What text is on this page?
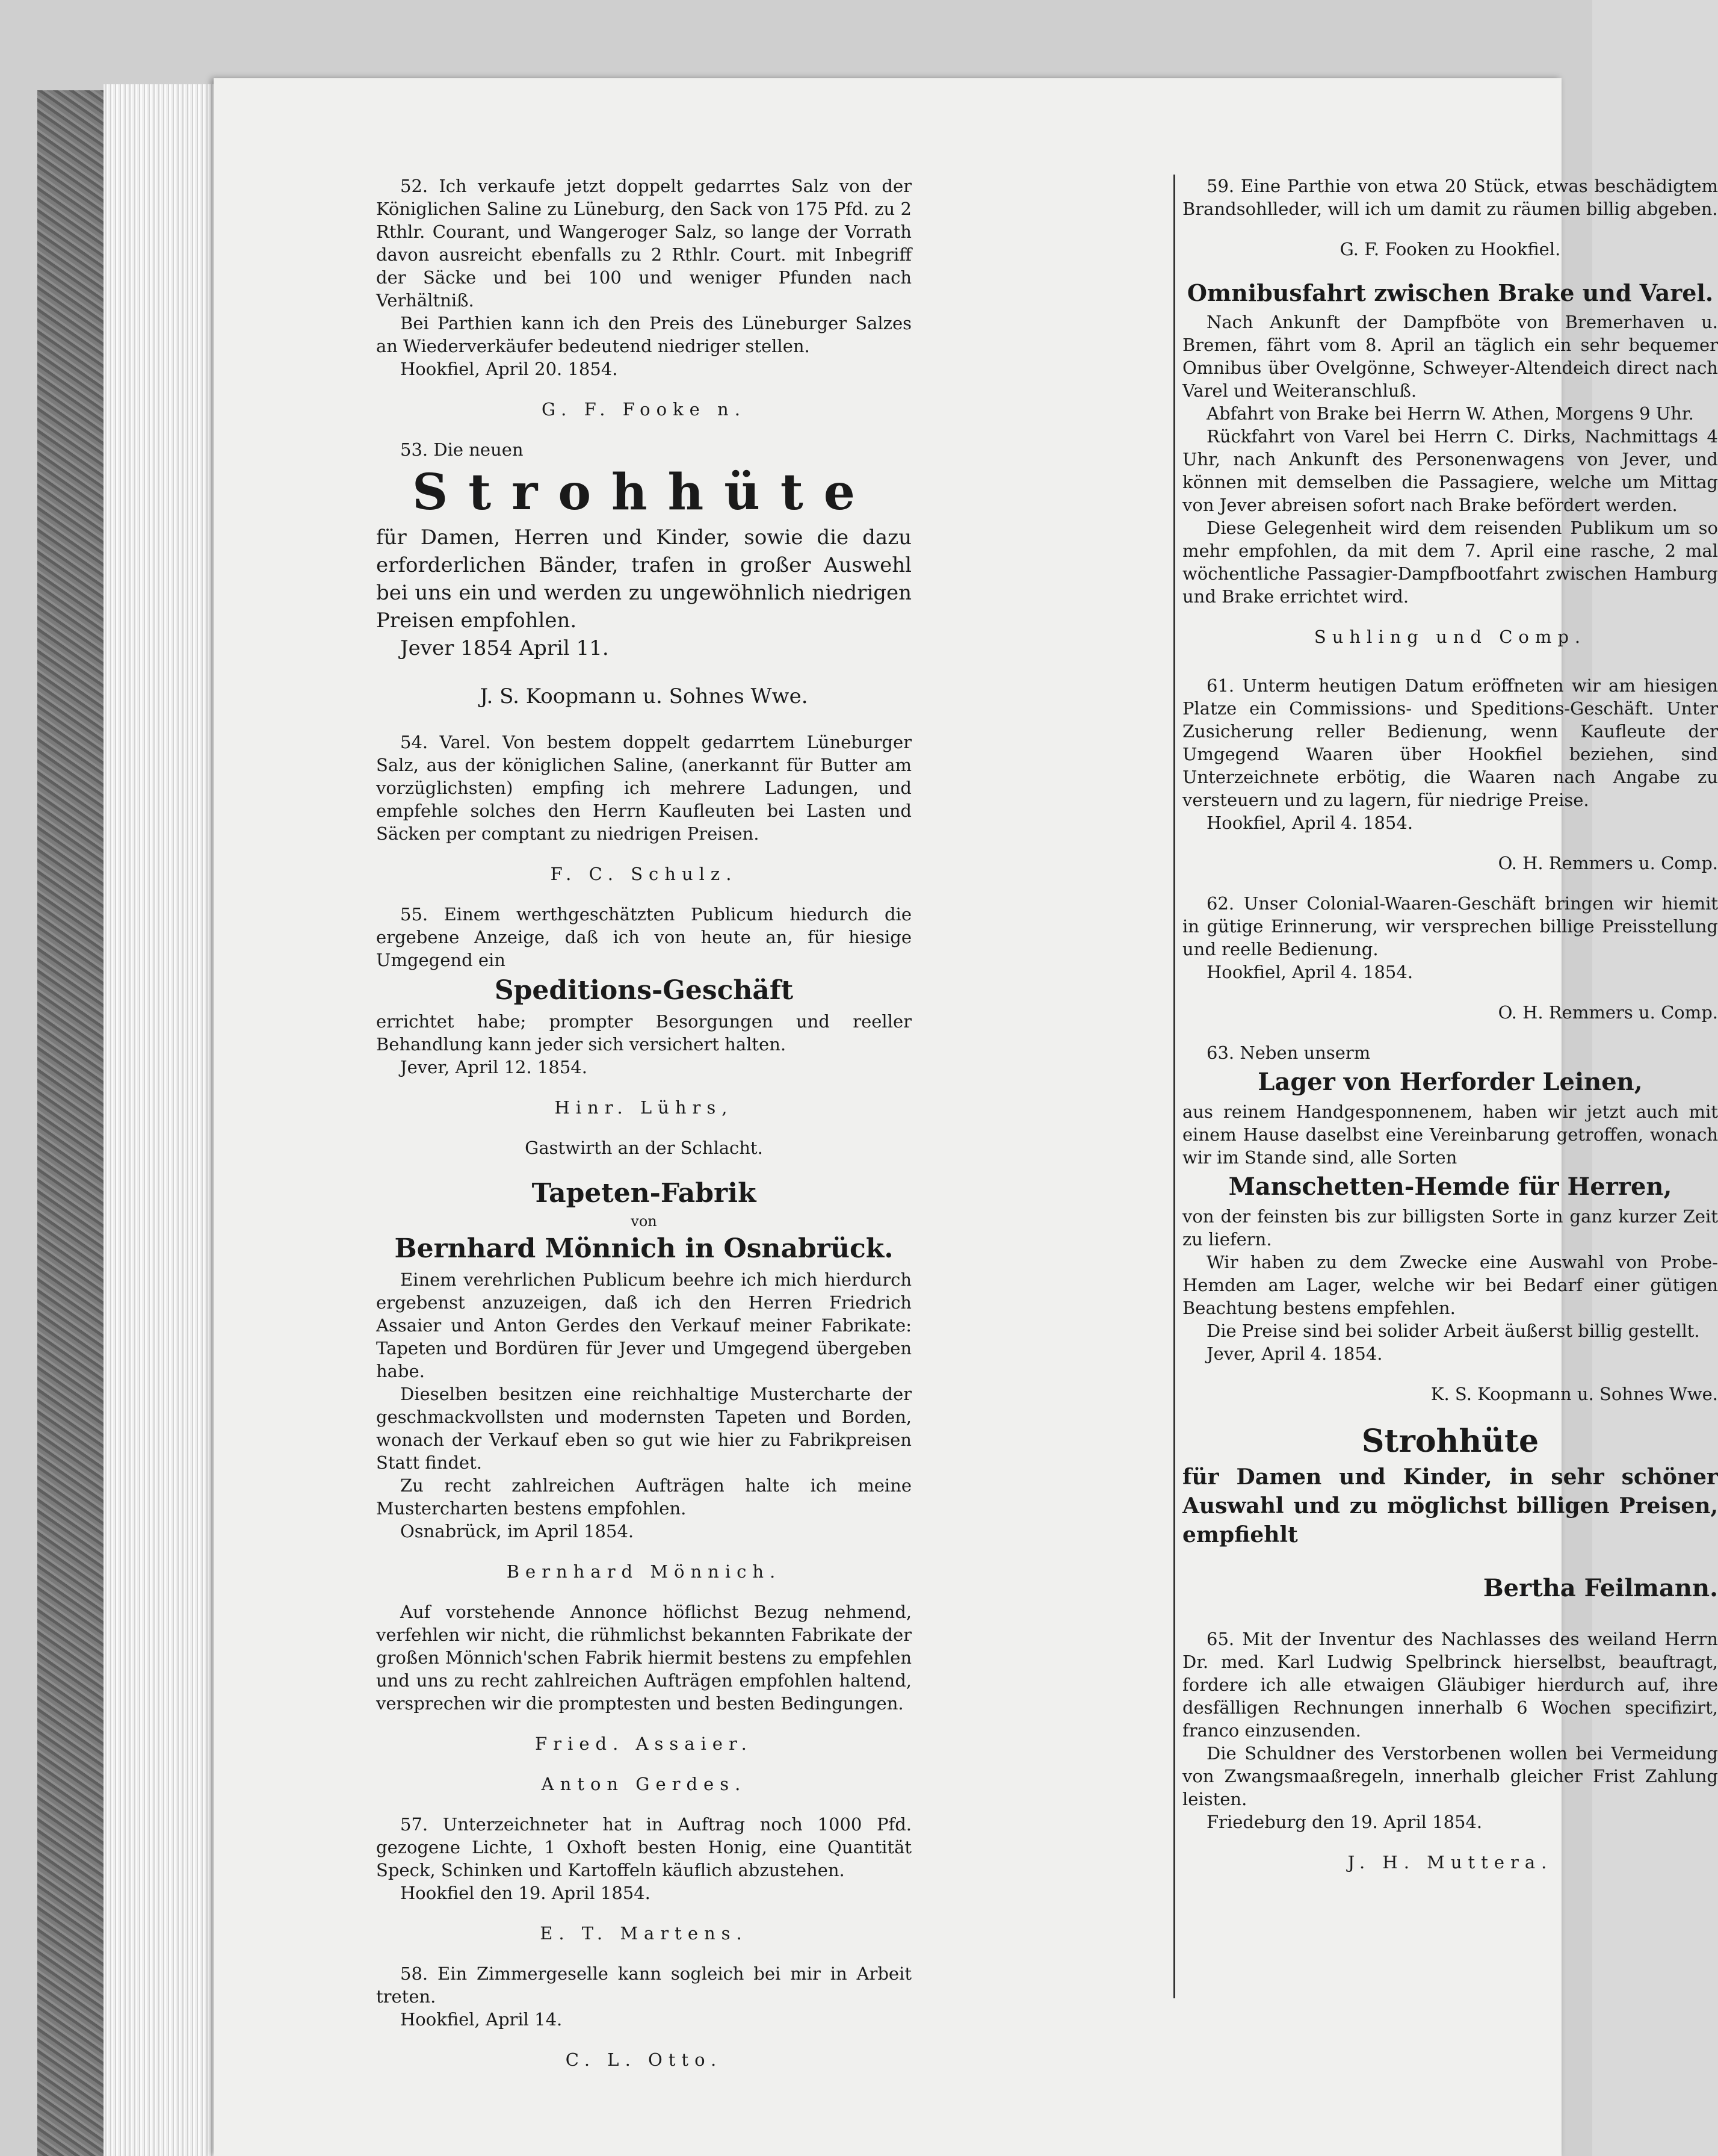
52. Ich verkaufe jetzt doppelt gedarrtes Salz von der Königlichen Saline zu Lüneburg, den Sack von 175 Pfd. zu 2 Rthlr. Courant, und Wangeroger Salz, so lange der Vorrath davon ausreicht ebenfalls zu 2 Rthlr. Court. mit Inbegriff der Säcke und bei 100 und weniger Pfunden nach Verhältniß.

Bei Parthien kann ich den Preis des Lüneburger Salzes an Wiederverkäufer bedeutend niedriger stellen.

Hookfiel, April 20. 1854.

G. F. Fooke n.

53. Die neuen

Strohhüte

für Damen, Herren und Kinder, sowie die dazu erforderlichen Bänder, trafen in großer Auswehl bei uns ein und werden zu ungewöhnlich niedrigen Preisen empfohlen.

Jever 1854 April 11.

J. S. Koopmann u. Sohnes Wwe.

54. Varel. Von bestem doppelt gedarrtem Lüneburger Salz, aus der königlichen Saline, (anerkannt für Butter am vorzüglichsten) empfing ich mehrere Ladungen, und empfehle solches den Herrn Kaufleuten bei Lasten und Säcken per comptant zu niedrigen Preisen.

F. C. Schulz.

55. Einem werthgeschätzten Publicum hiedurch die ergebene Anzeige, daß ich von heute an, für hiesige Umgegend ein

Speditions-Geschäft

errichtet habe; prompter Besorgungen und reeller Behandlung kann jeder sich versichert halten.

Jever, April 12. 1854.

Hinr. Lührs,

Gastwirth an der Schlacht.

Tapeten-Fabrik

von

Bernhard Mönnich in Osnabrück.

Einem verehrlichen Publicum beehre ich mich hierdurch ergebenst anzuzeigen, daß ich den Herren Friedrich Assaier und Anton Gerdes den Verkauf meiner Fabrikate: Tapeten und Bordüren für Jever und Umgegend übergeben habe.

Dieselben besitzen eine reichhaltige Mustercharte der geschmackvollsten und modernsten Tapeten und Borden, wonach der Verkauf eben so gut wie hier zu Fabrikpreisen Statt findet.

Zu recht zahlreichen Aufträgen halte ich meine Mustercharten bestens empfohlen.

Osnabrück, im April 1854.

Bernhard Mönnich.

Auf vorstehende Annonce höflichst Bezug nehmend, verfehlen wir nicht, die rühmlichst bekannten Fabrikate der großen Mönnich'schen Fabrik hiermit bestens zu empfehlen und uns zu recht zahlreichen Aufträgen empfohlen haltend, versprechen wir die promptesten und besten Bedingungen.

Fried. Assaier.

Anton Gerdes.

57. Unterzeichneter hat in Auftrag noch 1000 Pfd. gezogene Lichte, 1 Oxhoft besten Honig, eine Quantität Speck, Schinken und Kartoffeln käuflich abzustehen.

Hookfiel den 19. April 1854.

E. T. Martens.

58. Ein Zimmergeselle kann sogleich bei mir in Arbeit treten.

Hookfiel, April 14.

C. L. Otto.

59. Eine Parthie von etwa 20 Stück, etwas beschädigtem Brandsohlleder, will ich um damit zu räumen billig abgeben.

G. F. Fooken zu Hookfiel.

Omnibusfahrt zwischen Brake und Varel.

Nach Ankunft der Dampfböte von Bremerhaven u. Bremen, fährt vom 8. April an täglich ein sehr bequemer Omnibus über Ovelgönne, Schweyer-Altendeich direct nach Varel und Weiteranschluß.

Abfahrt von Brake bei Herrn W. Athen, Morgens 9 Uhr.

Rückfahrt von Varel bei Herrn C. Dirks, Nachmittags 4 Uhr, nach Ankunft des Personenwagens von Jever, und können mit demselben die Passagiere, welche um Mittag von Jever abreisen sofort nach Brake befördert werden.

Diese Gelegenheit wird dem reisenden Publikum um so mehr empfohlen, da mit dem 7. April eine rasche, 2 mal wöchentliche Passagier-Dampfbootfahrt zwischen Hamburg und Brake errichtet wird.

Suhling und Comp.

61. Unterm heutigen Datum eröffneten wir am hiesigen Platze ein Commissions- und Speditions-Geschäft. Unter Zusicherung reller Bedienung, wenn Kaufleute der Umgegend Waaren über Hookfiel beziehen, sind Unterzeichnete erbötig, die Waaren nach Angabe zu versteuern und zu lagern, für niedrige Preise.

Hookfiel, April 4. 1854.

O. H. Remmers u. Comp.

62. Unser Colonial-Waaren-Geschäft bringen wir hiemit in gütige Erinnerung, wir versprechen billige Preisstellung und reelle Bedienung.

Hookfiel, April 4. 1854.

O. H. Remmers u. Comp.

63. Neben unserm

Lager von Herforder Leinen,

aus reinem Handgesponnenem, haben wir jetzt auch mit einem Hause daselbst eine Vereinbarung getroffen, wonach wir im Stande sind, alle Sorten

Manschetten-Hemde für Herren,

von der feinsten bis zur billigsten Sorte in ganz kurzer Zeit zu liefern.

Wir haben zu dem Zwecke eine Auswahl von Probe-Hemden am Lager, welche wir bei Bedarf einer gütigen Beachtung bestens empfehlen.

Die Preise sind bei solider Arbeit äußerst billig gestellt.

Jever, April 4. 1854.

K. S. Koopmann u. Sohnes Wwe.

Strohhüte

für Damen und Kinder, in sehr schöner Auswahl und zu möglichst billigen Preisen, empfiehlt

Bertha Feilmann.

65. Mit der Inventur des Nachlasses des weiland Herrn Dr. med. Karl Ludwig Spelbrinck hierselbst, beauftragt, fordere ich alle etwaigen Gläubiger hierdurch auf, ihre desfälligen Rechnungen innerhalb 6 Wochen specifizirt, franco einzusenden.

Die Schuldner des Verstorbenen wollen bei Vermeidung von Zwangsmaaßregeln, innerhalb gleicher Frist Zahlung leisten.

Friedeburg den 19. April 1854.

J. H. Muttera.
